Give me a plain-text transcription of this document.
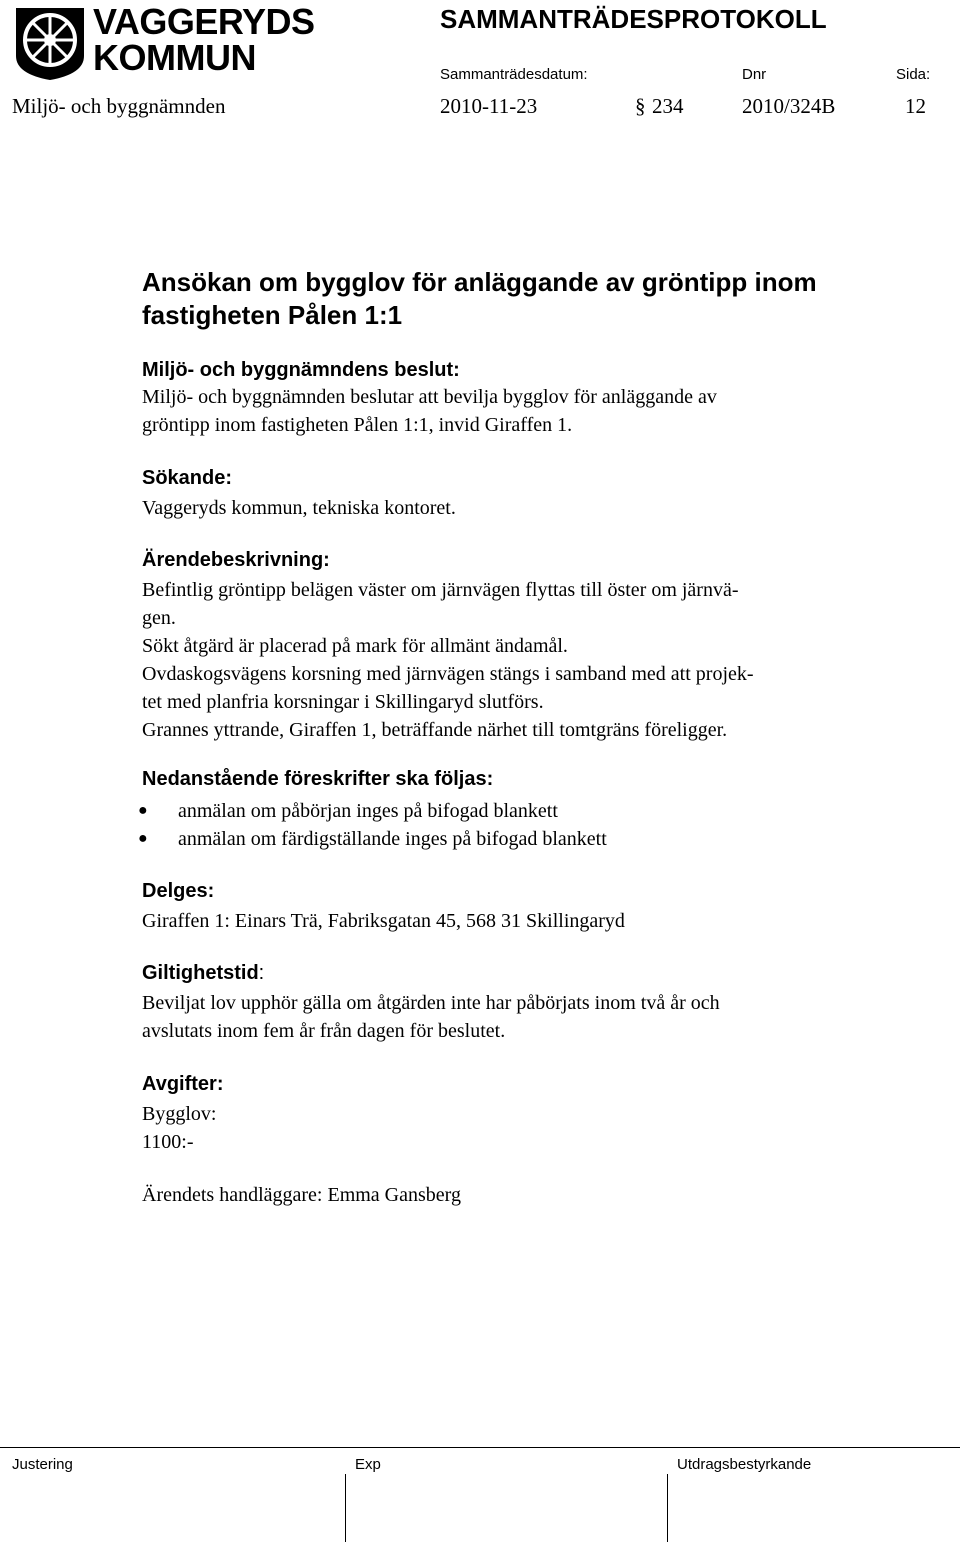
VAGGERYDS
KOMMUN
SAMMANTRÄDESPROTOKOLL
Sammanträdesdatum:	Dnr	Sida:
Miljö- och byggnämnden	2010-11-23	§ 234	2010/324B	12
Ansökan om bygglov för anläggande av gröntipp inom fastigheten Pålen 1:1
Miljö- och byggnämndens beslut:
Miljö- och byggnämnden beslutar att bevilja bygglov för anläggande av
gröntipp inom fastigheten Pålen 1:1, invid Giraffen 1.
Sökande:
Vaggeryds kommun, tekniska kontoret.
Ärendebeskrivning:
Befintlig gröntipp belägen väster om järnvägen flyttas till öster om järnvä-
gen.
Sökt åtgärd är placerad på mark för allmänt ändamål.
Ovdaskogsvägens korsning med järnvägen stängs i samband med att projek-
tet med planfria korsningar i Skillingaryd slutförs.
Grannes yttrande, Giraffen 1, beträffande närhet till tomtgräns föreligger.
Nedanstående föreskrifter ska följas:
● anmälan om påbörjan inges på bifogad blankett
● anmälan om färdigställande inges på bifogad blankett
Delges:
Giraffen 1: Einars Trä, Fabriksgatan 45, 568 31 Skillingaryd
Giltighetstid:
Beviljat lov upphör gälla om åtgärden inte har påbörjats inom två år och
avslutats inom fem år från dagen för beslutet.
Avgifter:
Bygglov:
1100:-
Ärendets handläggare: Emma Gansberg
Justering	Exp	Utdragsbestyrkande
